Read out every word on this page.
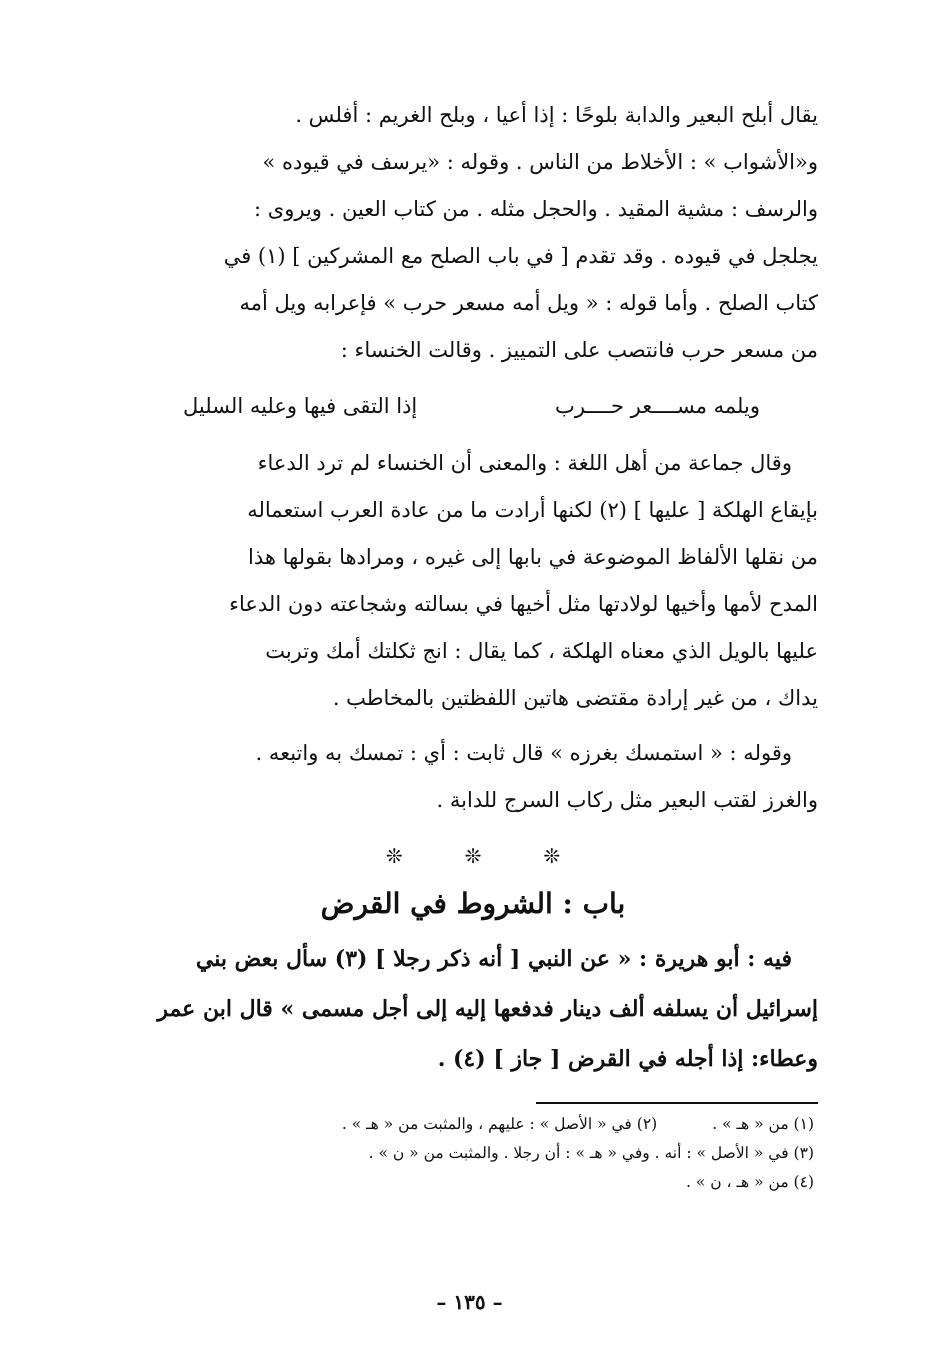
يقال أبلح البعير والدابة بلوحًا : إذا أعيا ، وبلح الغريم : أفلس .

و«الأشواب » : الأخلاط من الناس . وقوله : «يرسف في قيوده »

والرسف : مشية المقيد . والحجل مثله . من كتاب العين . ويروى :

يجلجل في قيوده . وقد تقدم [ في باب الصلح مع المشركين ] (١) في

كتاب الصلح . وأما قوله : « ويل أمه مسعر حرب » فإعرابه ويل أمه

من مسعر حرب فانتصب على التمييز . وقالت الخنساء :

ويلمه مســــعر حــــرب
إذا التقى فيها وعليه السليل

وقال جماعة من أهل اللغة : والمعنى أن الخنساء لم ترد الدعاء

بإيقاع الهلكة [ عليها ] (٢) لكنها أرادت ما من عادة العرب استعماله

من نقلها الألفاظ الموضوعة في بابها إلى غيره ، ومرادها بقولها هذا

المدح لأمها وأخيها لولادتها مثل أخيها في بسالته وشجاعته دون الدعاء

عليها بالويل الذي معناه الهلكة ، كما يقال : انج ثكلتك أمك وتربت

يداك ، من غير إرادة مقتضى هاتين اللفظتين بالمخاطب .

وقوله : « استمسك بغرزه » قال ثابت : أي : تمسك به واتبعه .

والغرز لقتب البعير مثل ركاب السرج للدابة .

❊
❊
❊
باب : الشروط في القرض

فيه : أبو هريرة : « عن النبي [ أنه ذكر رجلا ] (٣) سأل بعض بني

إسرائيل أن يسلفه ألف دينار فدفعها إليه إلى أجل مسمى » قال ابن عمر

وعطاء: إذا أجله في القرض [ جاز ] (٤) .

(١) من « هـ » .
(٢) في « الأصل » : عليهم ، والمثبت من « هـ » .
(٣) في « الأصل » : أنه . وفي « هـ » : أن رجلا . والمثبت من « ن » .
(٤) من « هـ ، ن » .
– ١٣٥ –
